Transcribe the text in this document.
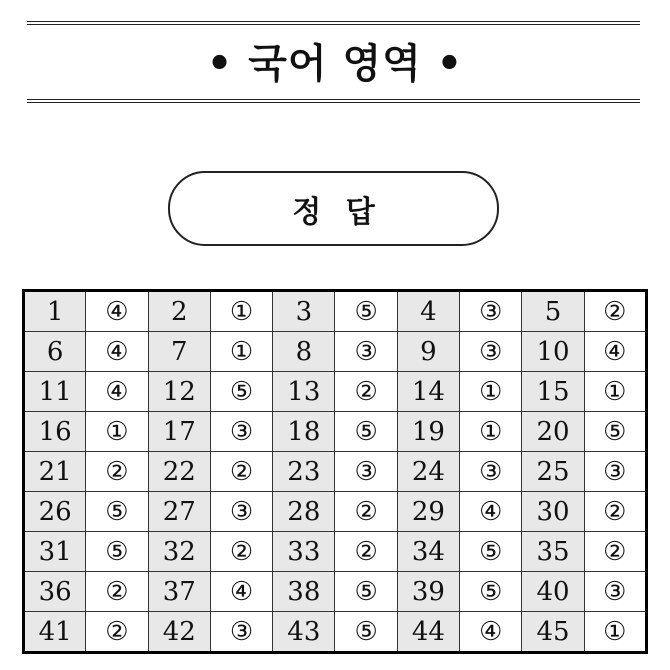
• 국어 영역 •
정 답
1	④	2	①	3	⑤	4	③	5	②
6	④	7	①	8	③	9	③	10	④
11	④	12	⑤	13	②	14	①	15	①
16	①	17	③	18	⑤	19	①	20	⑤
21	②	22	②	23	③	24	③	25	③
26	⑤	27	③	28	②	29	④	30	②
31	⑤	32	②	33	②	34	⑤	35	②
36	②	37	④	38	⑤	39	⑤	40	③
41	②	42	③	43	⑤	44	④	45	①
